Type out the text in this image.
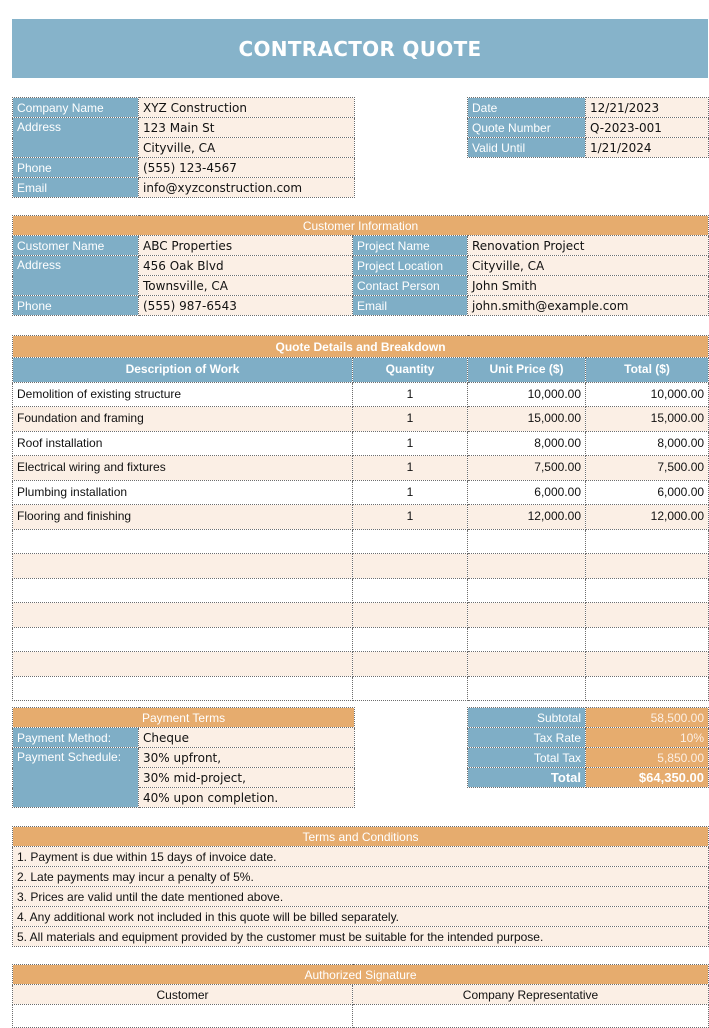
CONTRACTOR QUOTE
Company Name	XYZ Construction
Address	123 Main St
	Cityville, CA
Phone	(555) 123-4567
Email	info@xyzconstruction.com
Date	12/21/2023
Quote Number	Q-2023-001
Valid Until	1/21/2024
Customer Information			
Customer Name	ABC Properties	Project Name	Renovation Project
Address	456 Oak Blvd	Project Location	Cityville, CA
	Townsville, CA	Contact Person	John Smith
Phone	(555) 987-6543	Email	john.smith@example.com
Quote Details and Breakdown			
Description of Work	Quantity	Unit Price ($)	Total ($)
Demolition of existing structure	1	10,000.00	10,000.00
Foundation and framing	1	15,000.00	15,000.00
Roof installation	1	8,000.00	8,000.00
Electrical wiring and fixtures	1	7,500.00	7,500.00
Plumbing installation	1	6,000.00	6,000.00
Flooring and finishing	1	12,000.00	12,000.00

Payment Terms	
Payment Method:	Cheque
Payment Schedule:	30% upfront,
	30% mid-project,
	40% upon completion.
Subtotal	58,500.00
Tax Rate	10%
Total Tax	5,850.00
Total	$64,350.00
Terms and Conditions
1. Payment is due within 15 days of invoice date.
2. Late payments may incur a penalty of 5%.
3. Prices are valid until the date mentioned above.
4. Any additional work not included in this quote will be billed separately.
5. All materials and equipment provided by the customer must be suitable for the intended purpose.
Authorized Signature	
Customer	Company Representative
